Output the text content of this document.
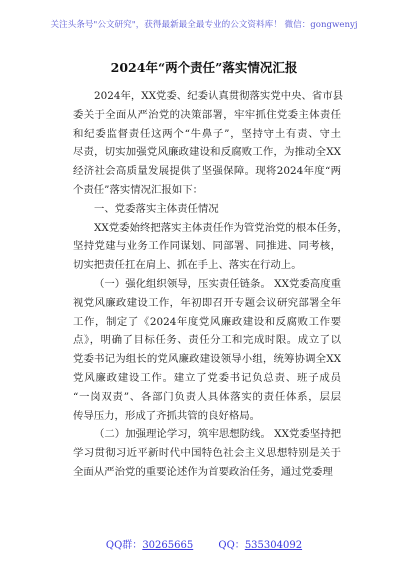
关注头条号"公文研究"，获得最新最全最专业的公文资料库！ 微信：gongwenyj
2024年“两个责任”落实情况汇报
2024年，XX党委、纪委认真贯彻落实党中央、省市县
委关于全面从严治党的决策部署，牢牢抓住党委主体责任
和纪委监督责任这两个“牛鼻子”，坚持守土有责、守土
尽责，切实加强党风廉政建设和反腐败工作，为推动全XX
经济社会高质量发展提供了坚强保障。现将2024年度“两
个责任”落实情况汇报如下：
一、党委落实主体责任情况
XX党委始终把落实主体责任作为管党治党的根本任务，
坚持党建与业务工作同谋划、同部署、同推进、同考核，
切实把责任扛在肩上、抓在手上、落实在行动上。
（一）强化组织领导，压实责任链条。 XX党委高度重
视党风廉政建设工作，年初即召开专题会议研究部署全年
工作，制定了《2024年度党风廉政建设和反腐败工作要
点》，明确了目标任务、责任分工和完成时限。成立了以
党委书记为组长的党风廉政建设领导小组，统筹协调全XX
党风廉政建设工作。建立了党委书记负总责、班子成员
“一岗双责”、各部门负责人具体落实的责任体系，层层
传导压力，形成了齐抓共管的良好格局。
（二）加强理论学习，筑牢思想防线。 XX党委坚持把
学习贯彻习近平新时代中国特色社会主义思想特别是关于
全面从严治党的重要论述作为首要政治任务，通过党委理
QQ群：30265665	QQ：535304092
